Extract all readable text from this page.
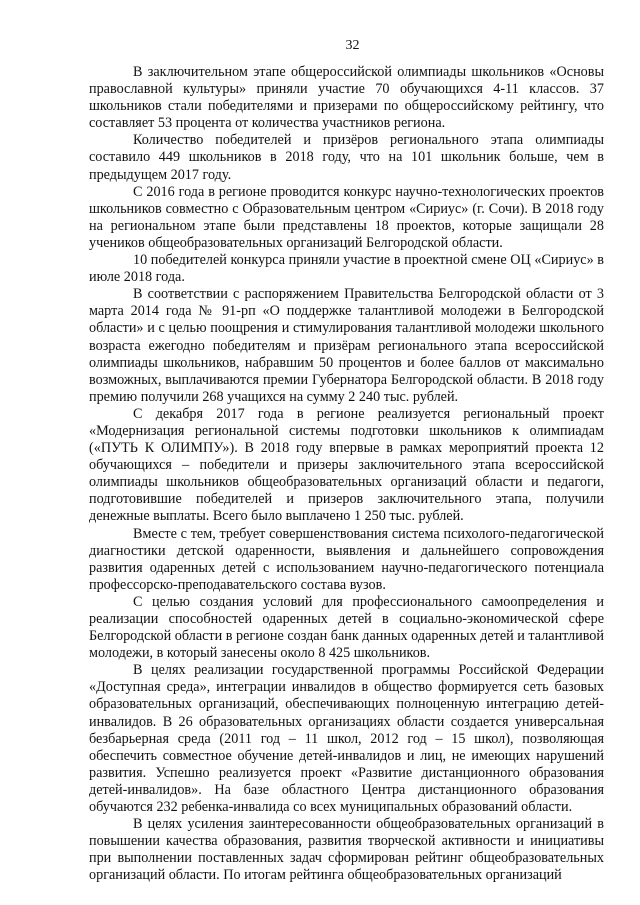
32

В заключительном этапе общероссийской олимпиады школьников «Основы православной культуры» приняли участие 70 обучающихся 4-11 классов. 37 школьников стали победителями и призерами по общероссийскому рейтингу, что составляет 53 процента от количества участников региона.

Количество победителей и призёров регионального этапа олимпиады составило 449 школьников в 2018 году, что на 101 школьник больше, чем в предыдущем 2017 году.

С 2016 года в регионе проводится конкурс научно-технологических проектов школьников совместно с Образовательным центром «Сириус» (г. Сочи). В 2018 году на региональном этапе были представлены 18 проектов, которые защищали 28 учеников общеобразовательных организаций Белгородской области.

10 победителей конкурса приняли участие в проектной смене ОЦ «Сириус» в июле 2018 года.

В соответствии с распоряжением Правительства Белгородской области от 3 марта 2014 года № 91-рп «О поддержке талантливой молодежи в Белгородской области» и с целью поощрения и стимулирования талантливой молодежи школьного возраста ежегодно победителям и призёрам регионального этапа всероссийской олимпиады школьников, набравшим 50 процентов и более баллов от максимально возможных, выплачиваются премии Губернатора Белгородской области. В 2018 году премию получили 268 учащихся на сумму 2 240 тыс. рублей.

С декабря 2017 года в регионе реализуется региональный проект «Модернизация региональной системы подготовки школьников к олимпиадам («ПУТЬ К ОЛИМПУ»). В 2018 году впервые в рамках мероприятий проекта 12 обучающихся – победители и призеры заключительного этапа всероссийской олимпиады школьников общеобразовательных организаций области и педагоги, подготовившие победителей и призеров заключительного этапа, получили денежные выплаты. Всего было выплачено 1 250 тыс. рублей.

Вместе с тем, требует совершенствования система психолого-педагогической диагностики детской одаренности, выявления и дальнейшего сопровождения развития одаренных детей с использованием научно-педагогического потенциала профессорско-преподавательского состава вузов.

С целью создания условий для профессионального самоопределения и реализации способностей одаренных детей в социально-экономической сфере Белгородской области в регионе создан банк данных одаренных детей и талантливой молодежи, в который занесены около 8 425 школьников.

В целях реализации государственной программы Российской Федерации «Доступная среда», интеграции инвалидов в общество формируется сеть базовых образовательных организаций, обеспечивающих полноценную интеграцию детей-инвалидов. В 26 образовательных организациях области создается универсальная безбарьерная среда (2011 год – 11 школ, 2012 год – 15 школ), позволяющая обеспечить совместное обучение детей-инвалидов и лиц, не имеющих нарушений развития. Успешно реализуется проект «Развитие дистанционного образования детей-инвалидов». На базе областного Центра дистанционного образования обучаются 232 ребенка-инвалида со всех муниципальных образований области.

В целях усиления заинтересованности общеобразовательных организаций в повышении качества образования, развития творческой активности и инициативы при выполнении поставленных задач сформирован рейтинг общеобразовательных организаций области. По итогам рейтинга общеобразовательных организаций
